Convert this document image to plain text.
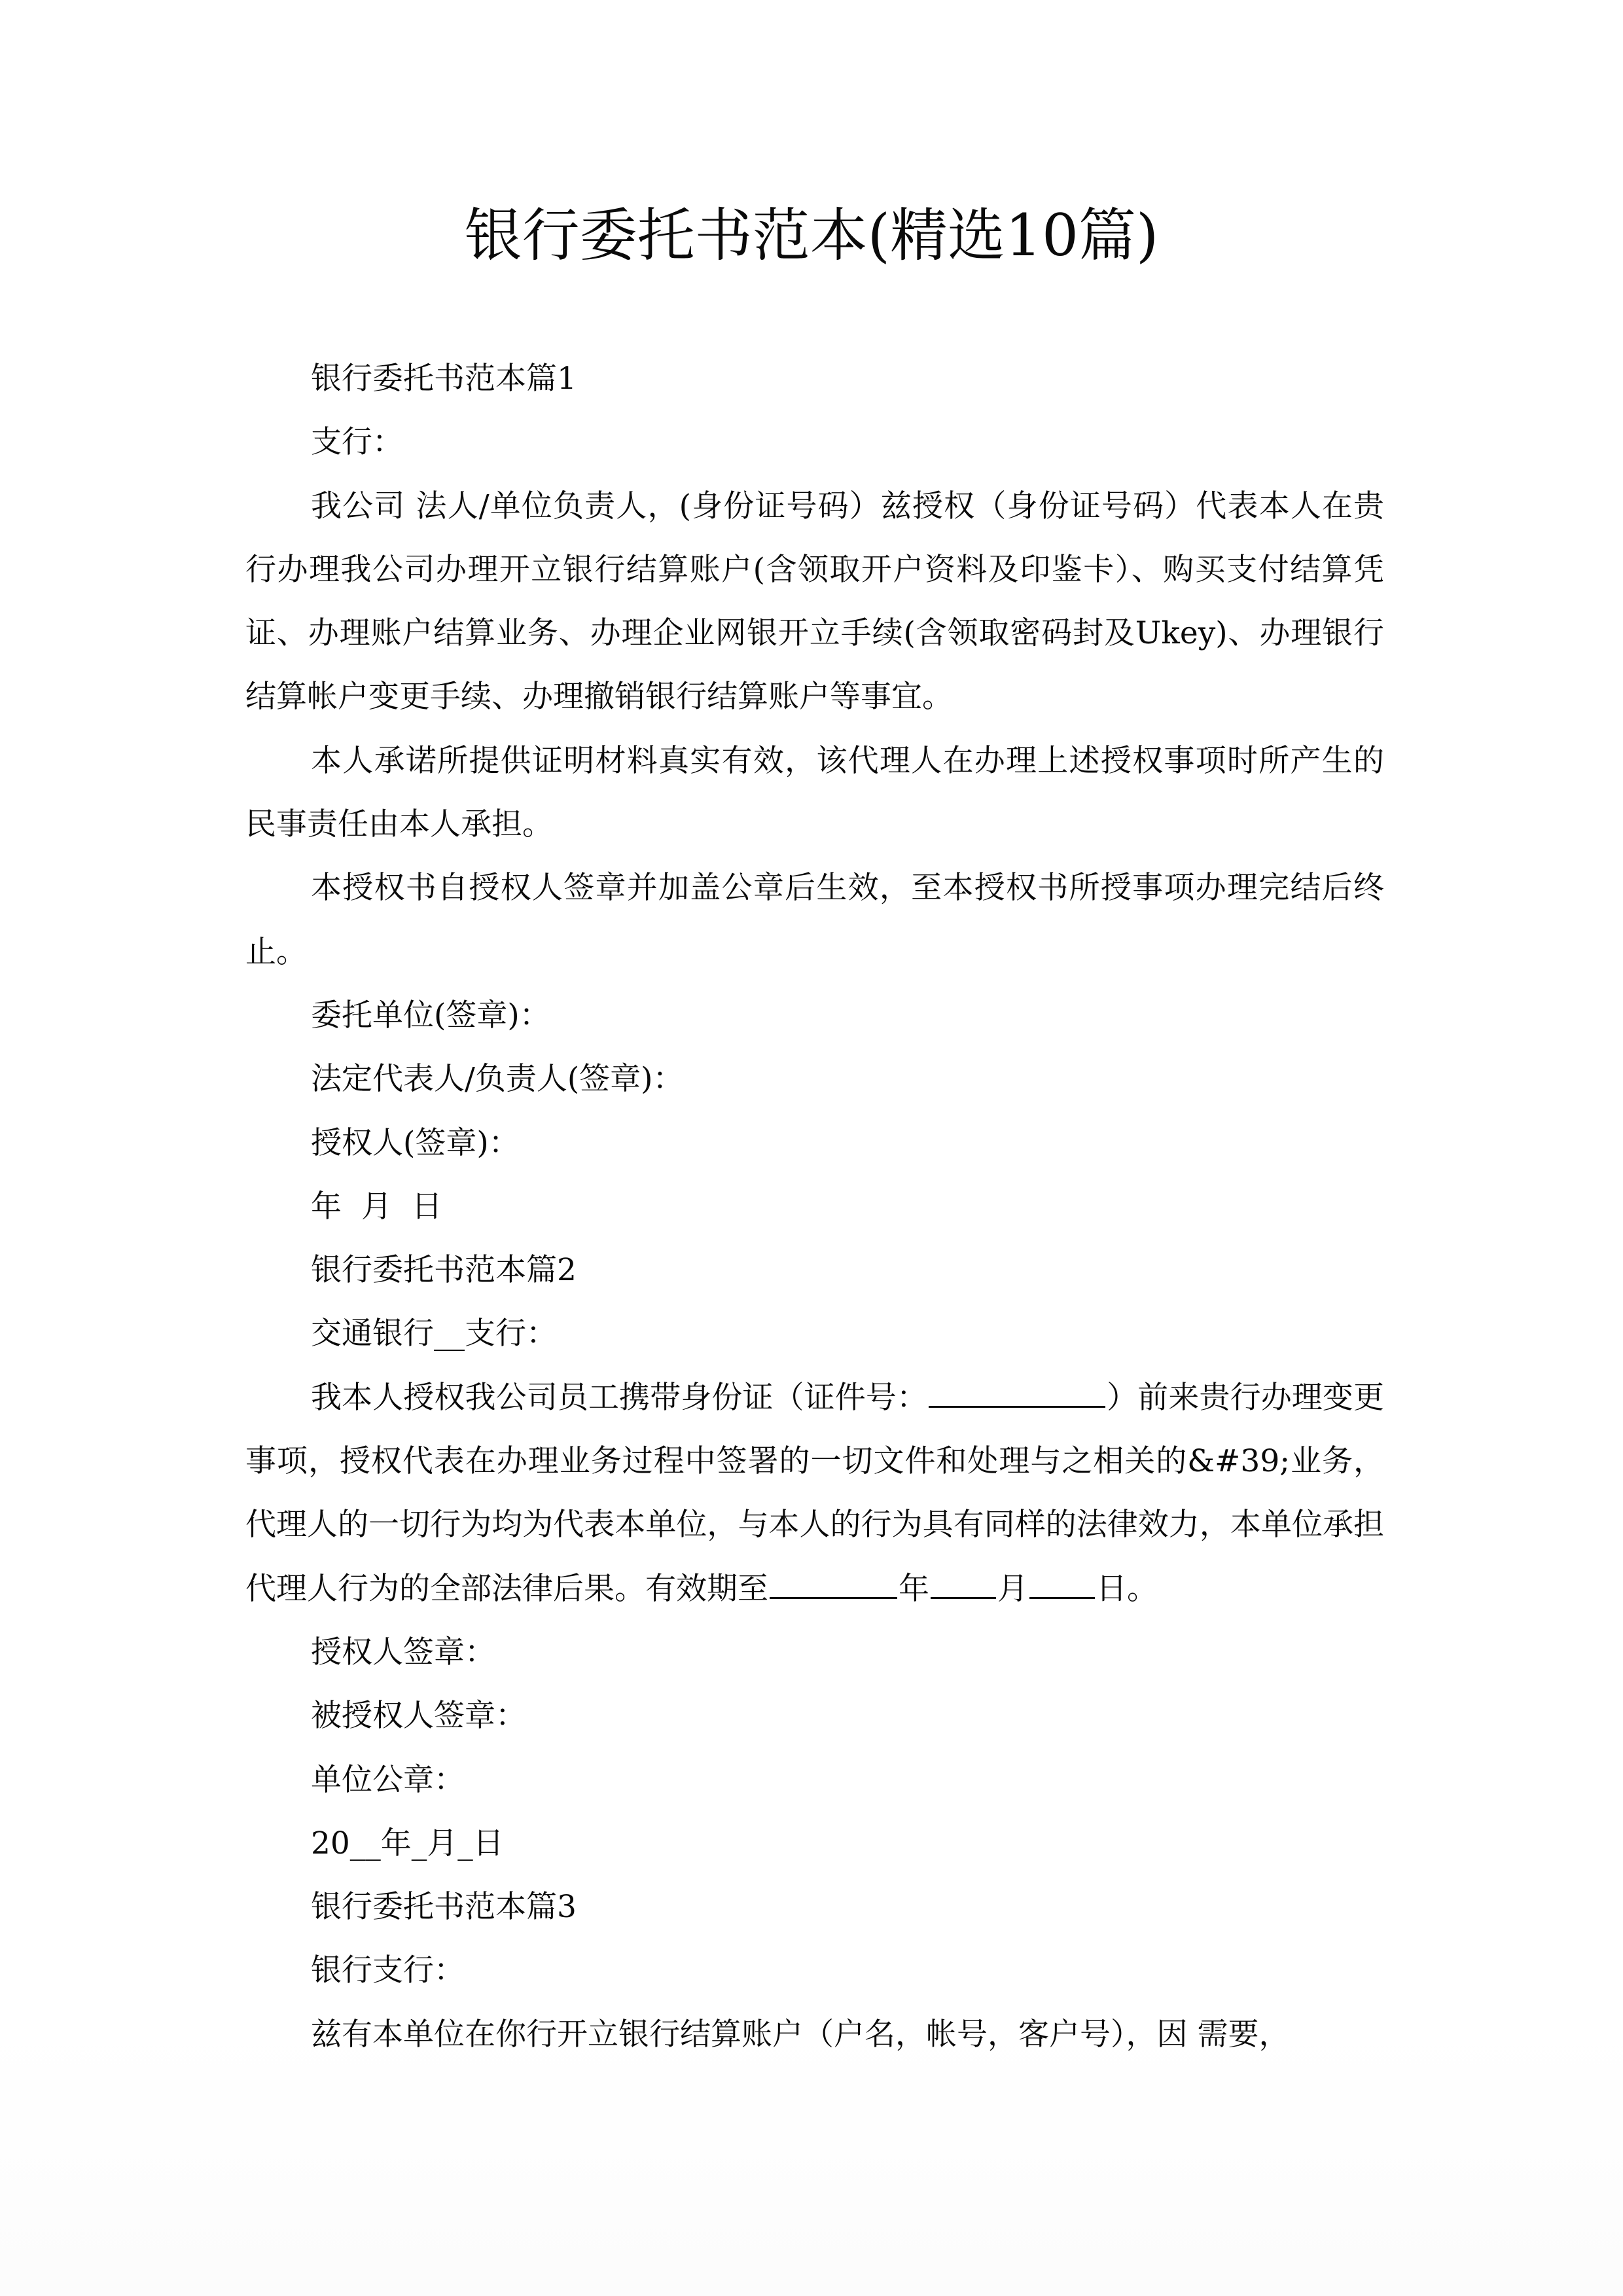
银行委托书范本(精选10篇)

银行委托书范本篇1

支行：

我公司 法人/单位负责人，(身份证号码）兹授权（身份证号码）代表本人在贵行办理我公司办理开立银行结算账户(含领取开户资料及印鉴卡）、购买支付结算凭证、办理账户结算业务、办理企业网银开立手续(含领取密码封及Ukey)、办理银行结算帐户变更手续、办理撤销银行结算账户等事宜。

本人承诺所提供证明材料真实有效，该代理人在办理上述授权事项时所产生的民事责任由本人承担。

本授权书自授权人签章并加盖公章后生效，至本授权书所授事项办理完结后终止。

委托单位(签章)：

法定代表人/负责人(签章)：

授权人(签章)：

年  月  日

银行委托书范本篇2

交通银行__支行：

我本人授权我公司员工携带身份证（证件号：	）前来贵行办理变更事项，授权代表在办理业务过程中签署的一切文件和处理与之相关的&#39;业务，代理人的一切行为均为代表本单位，与本人的行为具有同样的法律效力，本单位承担代理人行为的全部法律后果。有效期至	年 月 日。

授权人签章：

被授权人签章：

单位公章：

20__年_月_日

银行委托书范本篇3

银行支行：

兹有本单位在你行开立银行结算账户（户名，帐号，客户号），因 需要，
